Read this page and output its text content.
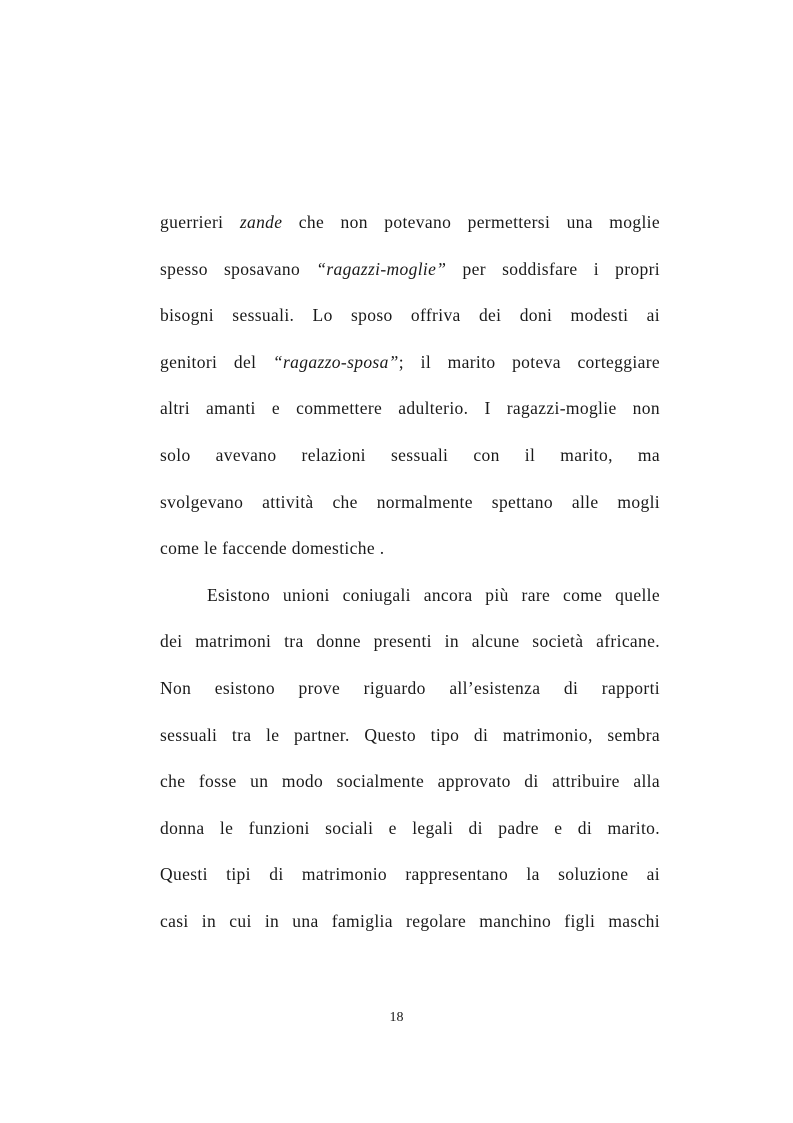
guerrieri zande che non potevano permettersi una moglie
spesso sposavano “ragazzi-moglie” per soddisfare i propri
bisogni sessuali. Lo sposo offriva dei doni modesti ai
genitori del “ragazzo-sposa”; il marito poteva corteggiare
altri amanti e commettere adulterio. I ragazzi-moglie non
solo avevano relazioni sessuali con il marito, ma
svolgevano attività che normalmente spettano alle mogli
come le faccende domestiche .
Esistono unioni coniugali ancora più rare come quelle
dei matrimoni tra donne presenti in alcune società africane.
Non esistono prove riguardo all’esistenza di rapporti
sessuali tra le partner. Questo tipo di matrimonio, sembra
che fosse un modo socialmente approvato di attribuire alla
donna le funzioni sociali e legali di padre e di marito.
Questi tipi di matrimonio rappresentano la soluzione ai
casi in cui in una famiglia regolare manchino figli maschi
18
